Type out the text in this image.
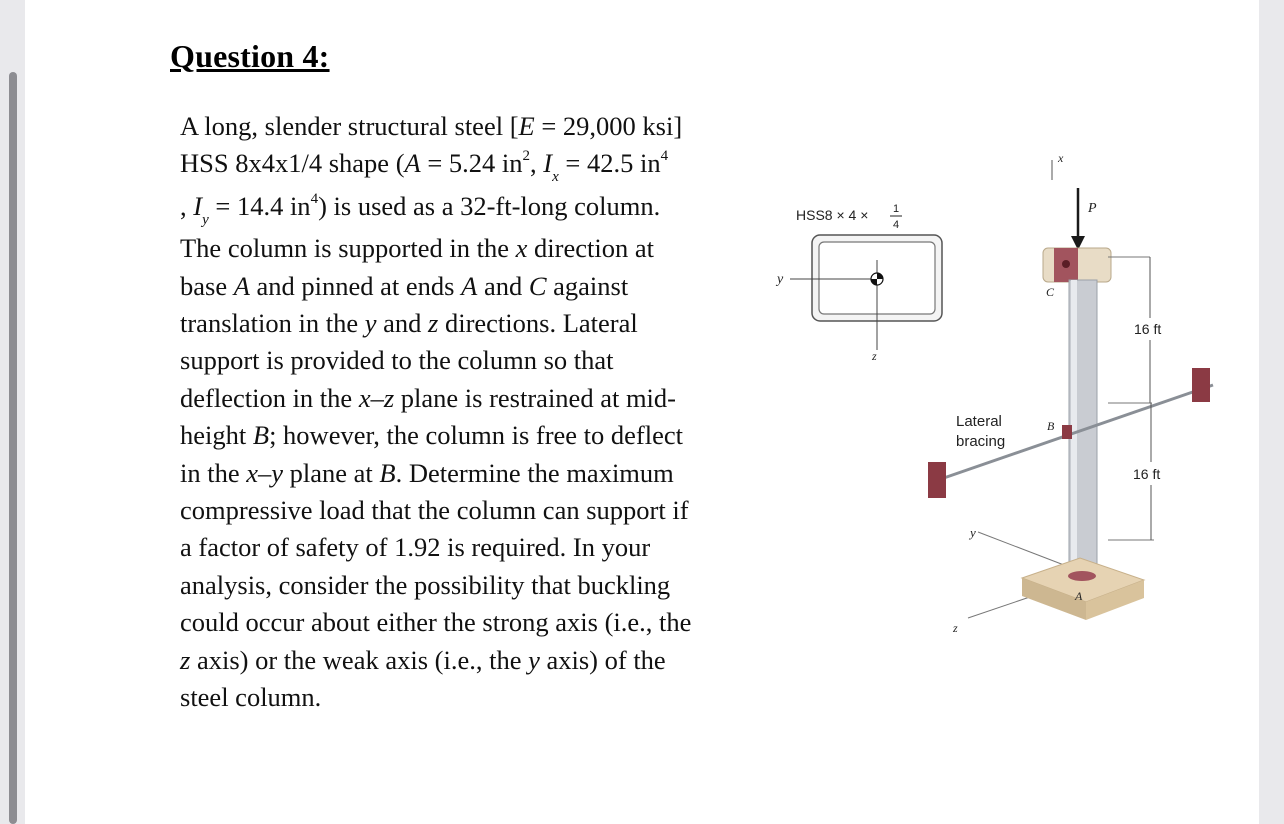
Question 4:
A long, slender structural steel [E = 29,000 ksi]
HSS 8x4x1/4 shape (A = 5.24 $in^2$, $I_x = 42.5$ $in^4$
, $I_y = 14.4$ $in^4$) is used as a 32-ft-long column.
The column is supported in the x direction at
base A and pinned at ends A and C against
translation in the y and z directions. Lateral
support is provided to the column so that
deflection in the x–z plane is restrained at mid-
height B; however, the column is free to deflect
in the x–y plane at B. Determine the maximum
compressive load that the column can support if
a factor of safety of 1.92 is required. In your
analysis, consider the possibility that buckling
could occur about either the strong axis (i.e., the
z axis) or the weak axis (i.e., the y axis) of the
steel column.
HSS8 × 4 × 1
4
y
z
x
P
C
B
Lateral
bracing
16 ft
16 ft
y
z
A
